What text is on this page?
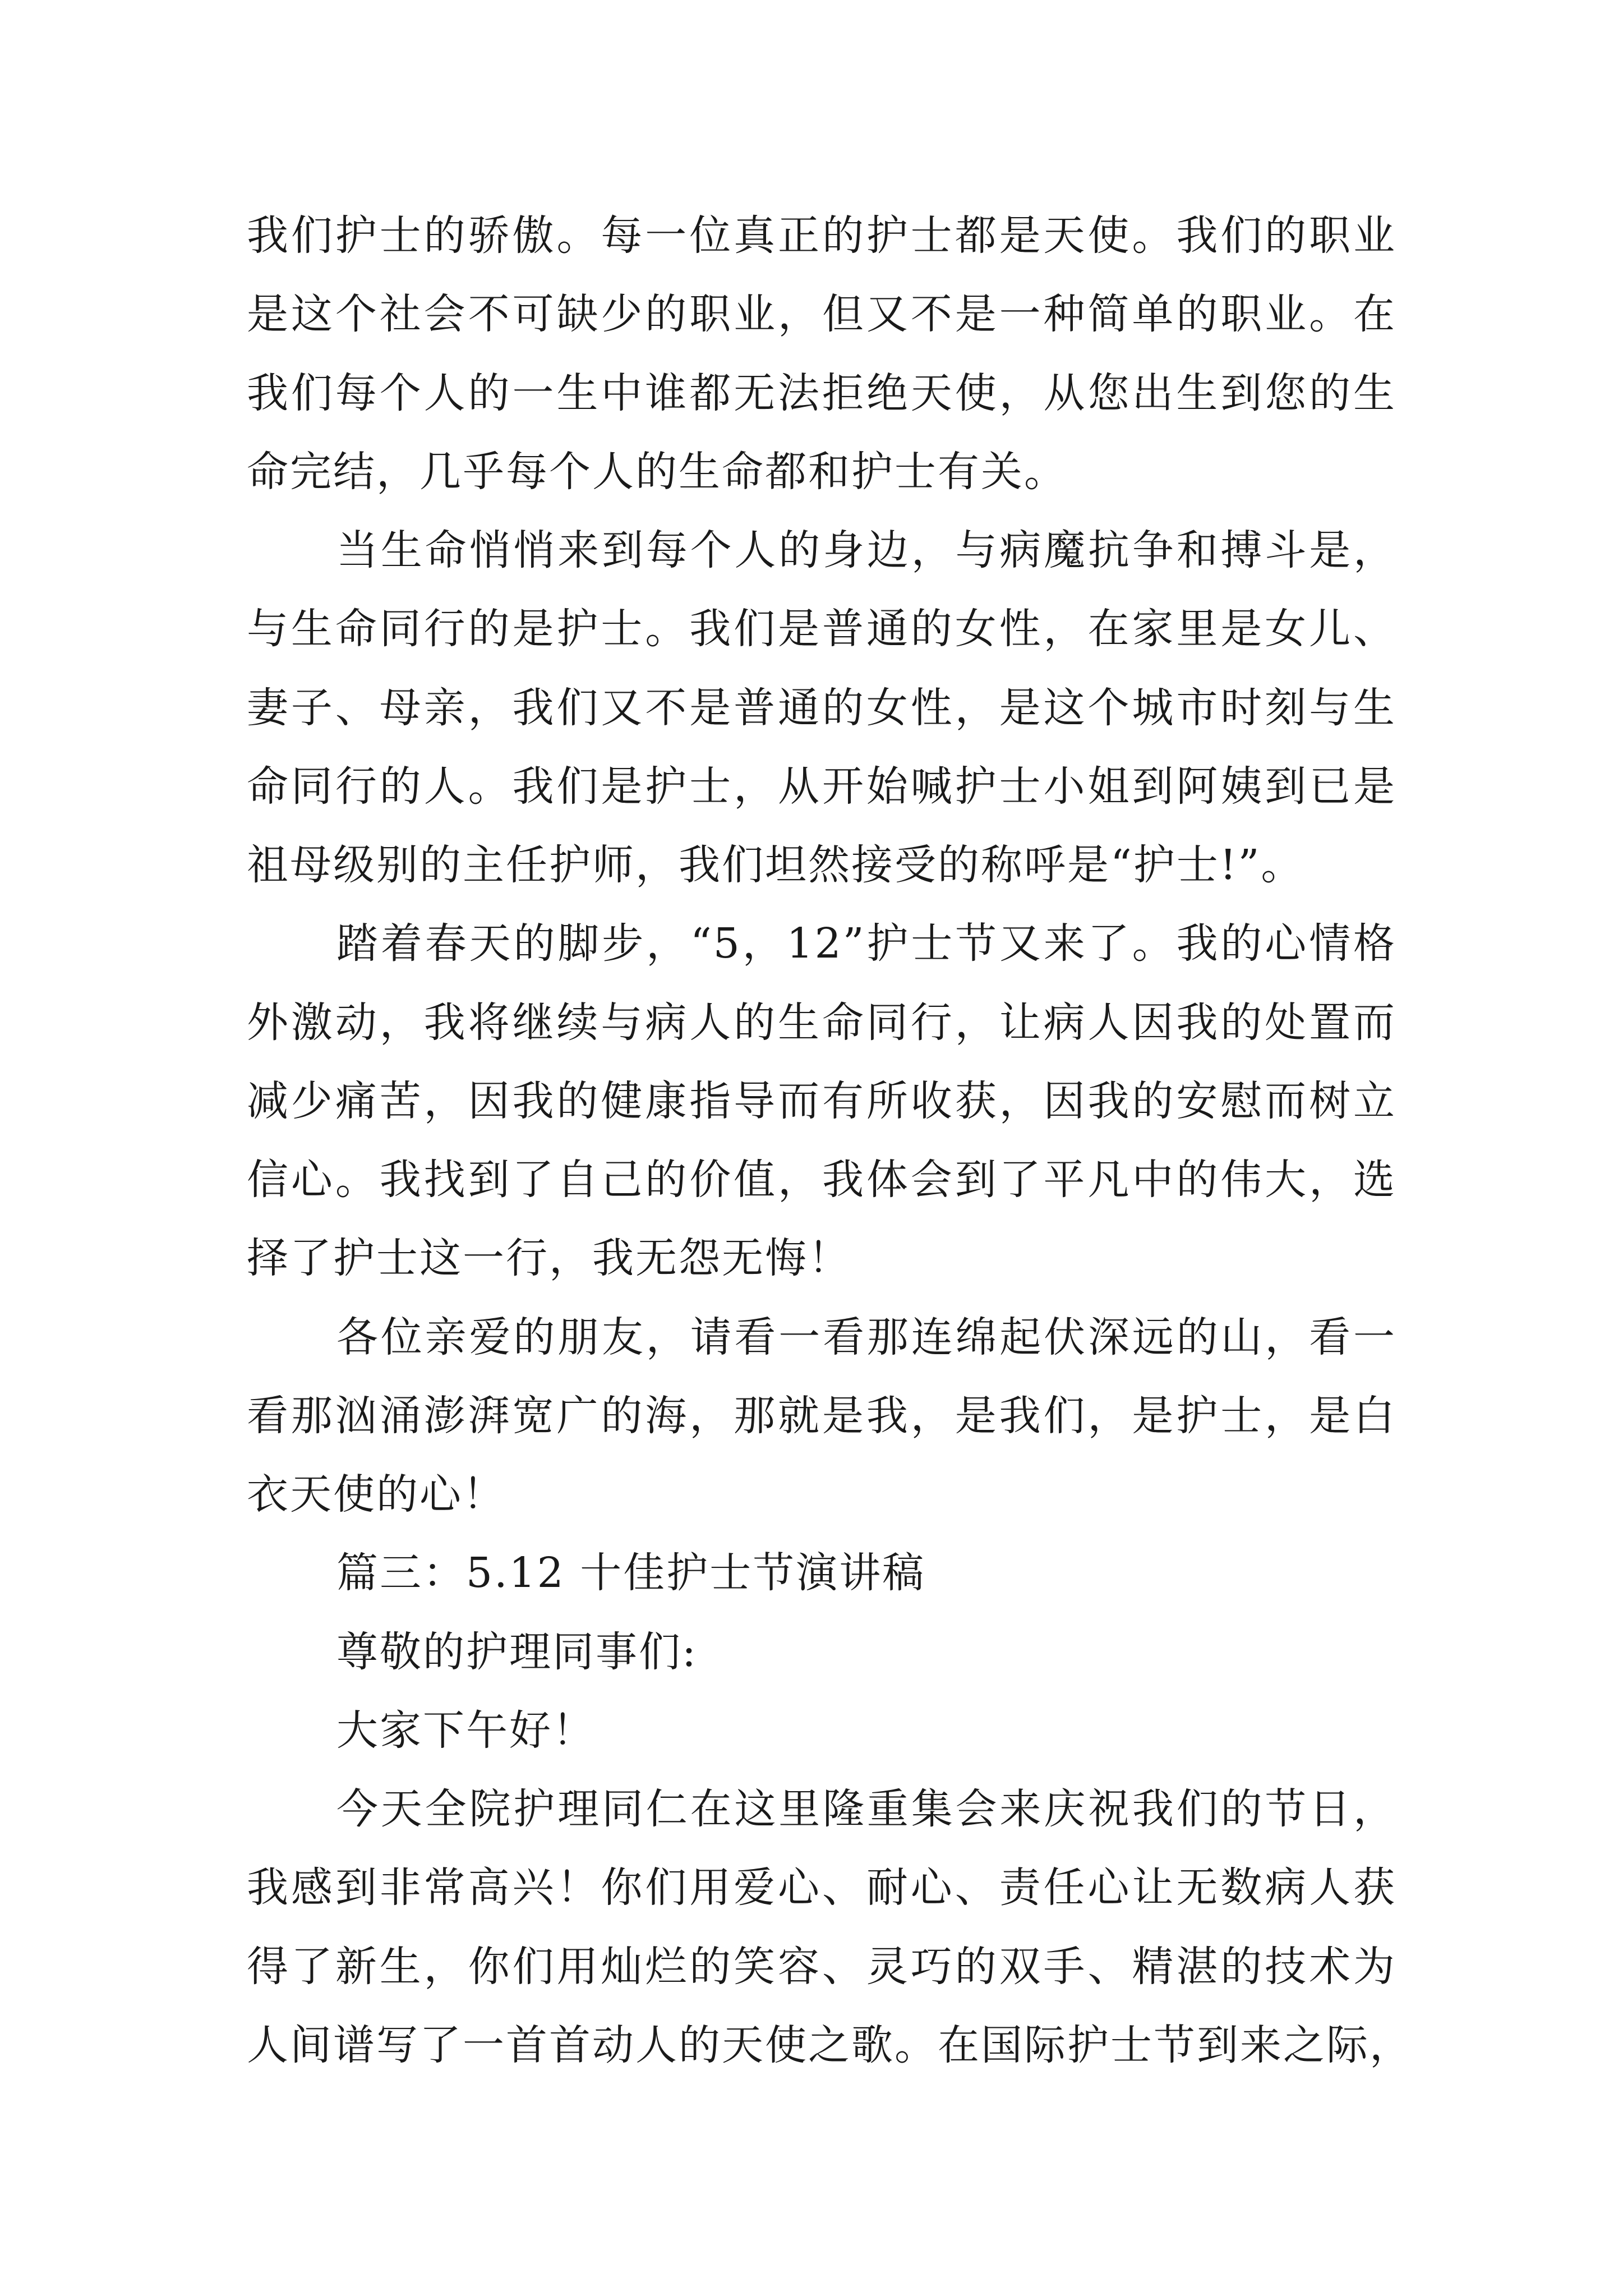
我们护士的骄傲。每一位真正的护士都是天使。我们的职业
是这个社会不可缺少的职业，但又不是一种简单的职业。在
我们每个人的一生中谁都无法拒绝天使，从您出生到您的生
命完结，几乎每个人的生命都和护士有关。
当生命悄悄来到每个人的身边，与病魔抗争和搏斗是，
与生命同行的是护士。我们是普通的女性，在家里是女儿、
妻子、母亲，我们又不是普通的女性，是这个城市时刻与生
命同行的人。我们是护士，从开始喊护士小姐到阿姨到已是
祖母级别的主任护师，我们坦然接受的称呼是“护士!”。
踏着春天的脚步，“5，12”护士节又来了。我的心情格
外激动，我将继续与病人的生命同行，让病人因我的处置而
减少痛苦，因我的健康指导而有所收获，因我的安慰而树立
信心。我找到了自己的价值，我体会到了平凡中的伟大，选
择了护士这一行，我无怨无悔！
各位亲爱的朋友，请看一看那连绵起伏深远的山，看一
看那汹涌澎湃宽广的海，那就是我，是我们，是护士，是白
衣天使的心！
篇三：5.12 十佳护士节演讲稿
尊敬的护理同事们:
大家下午好！
今天全院护理同仁在这里隆重集会来庆祝我们的节日，
我感到非常高兴！你们用爱心、耐心、责任心让无数病人获
得了新生，你们用灿烂的笑容、灵巧的双手、精湛的技术为
人间谱写了一首首动人的天使之歌。在国际护士节到来之际，
